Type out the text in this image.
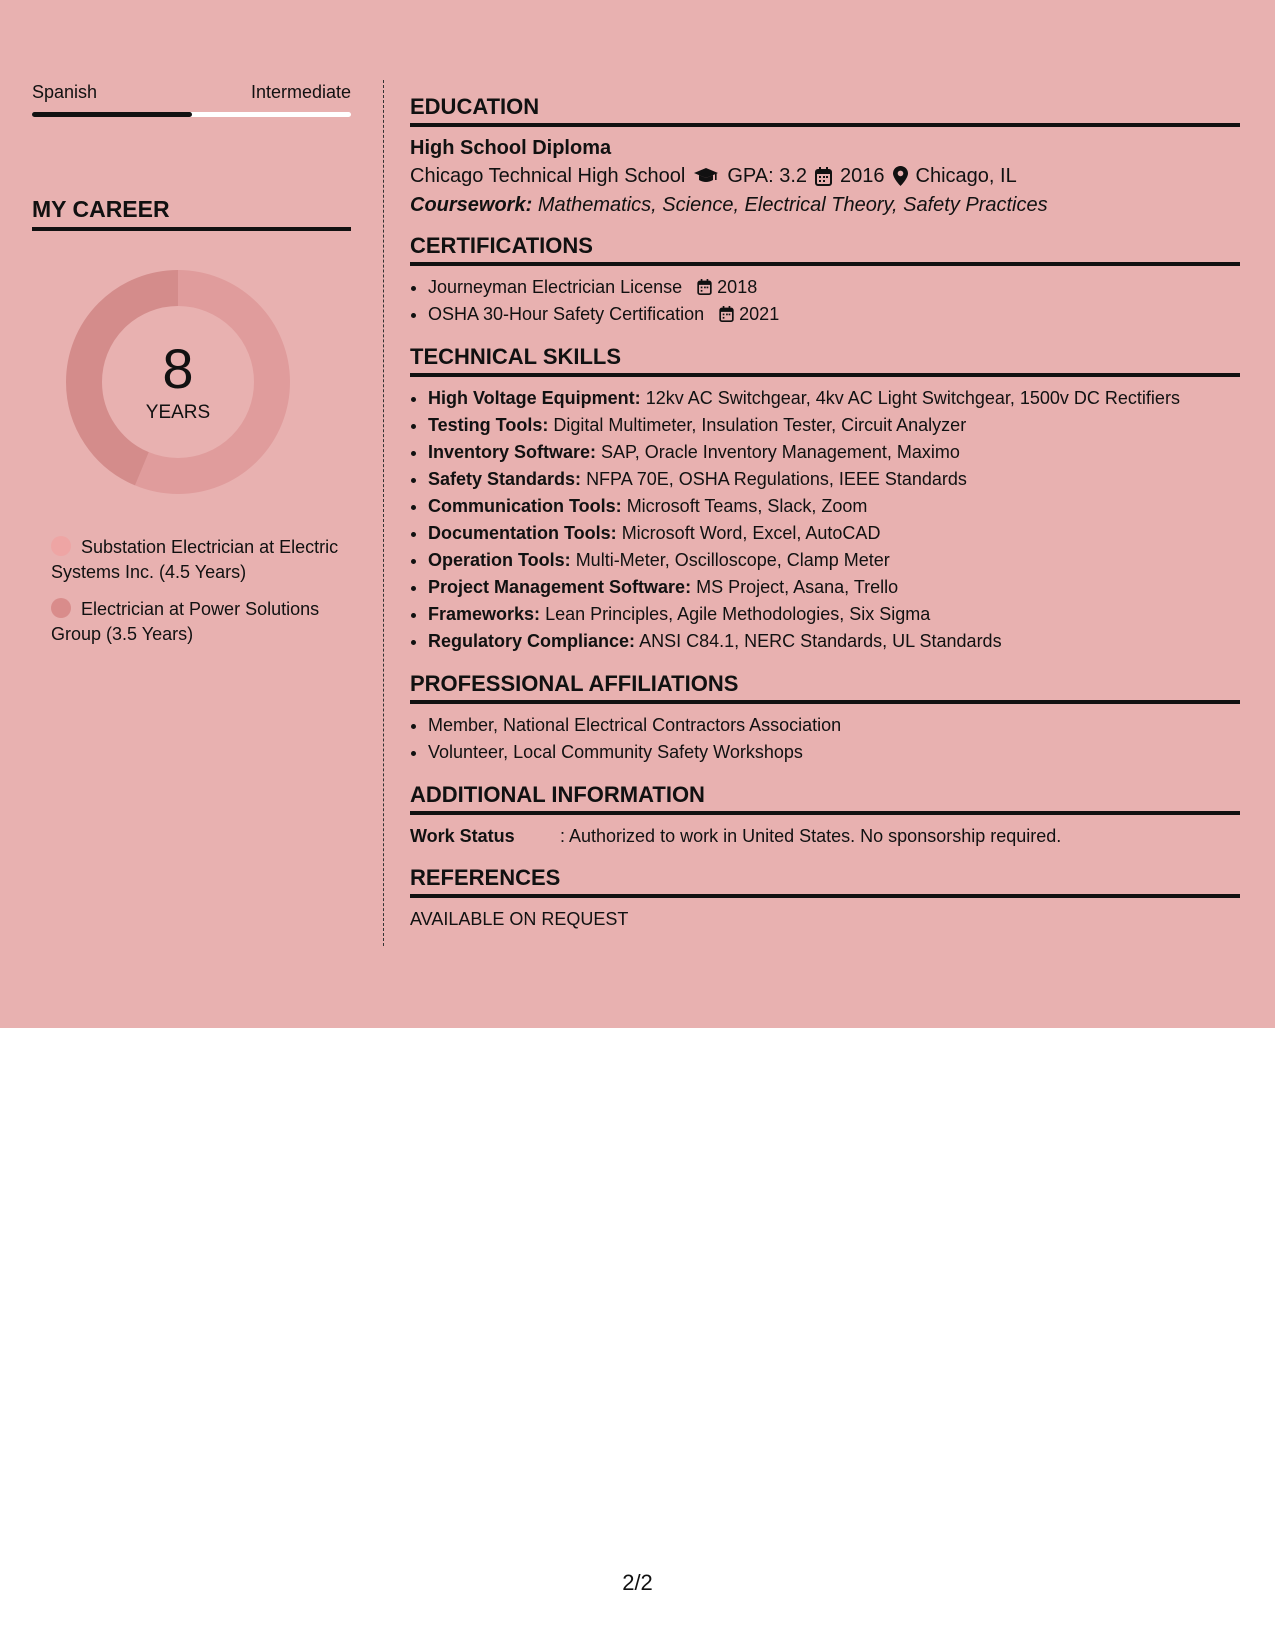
Spanish	Intermediate
MY CAREER
8
YEARS
Substation Electrician at Electric Systems Inc. (4.5 Years)
Electrician at Power Solutions Group (3.5 Years)
EDUCATION
High School Diploma
Chicago Technical High School GPA: 3.2 2016 Chicago, IL
Coursework: Mathematics, Science, Electrical Theory, Safety Practices
CERTIFICATIONS
• Journeyman Electrician License 2018
• OSHA 30-Hour Safety Certification 2021
TECHNICAL SKILLS
• High Voltage Equipment: 12kv AC Switchgear, 4kv AC Light Switchgear, 1500v DC Rectifiers
• Testing Tools: Digital Multimeter, Insulation Tester, Circuit Analyzer
• Inventory Software: SAP, Oracle Inventory Management, Maximo
• Safety Standards: NFPA 70E, OSHA Regulations, IEEE Standards
• Communication Tools: Microsoft Teams, Slack, Zoom
• Documentation Tools: Microsoft Word, Excel, AutoCAD
• Operation Tools: Multi-Meter, Oscilloscope, Clamp Meter
• Project Management Software: MS Project, Asana, Trello
• Frameworks: Lean Principles, Agile Methodologies, Six Sigma
• Regulatory Compliance: ANSI C84.1, NERC Standards, UL Standards
PROFESSIONAL AFFILIATIONS
• Member, National Electrical Contractors Association
• Volunteer, Local Community Safety Workshops
ADDITIONAL INFORMATION
Work Status	: Authorized to work in United States. No sponsorship required.
REFERENCES
AVAILABLE ON REQUEST
2/2
